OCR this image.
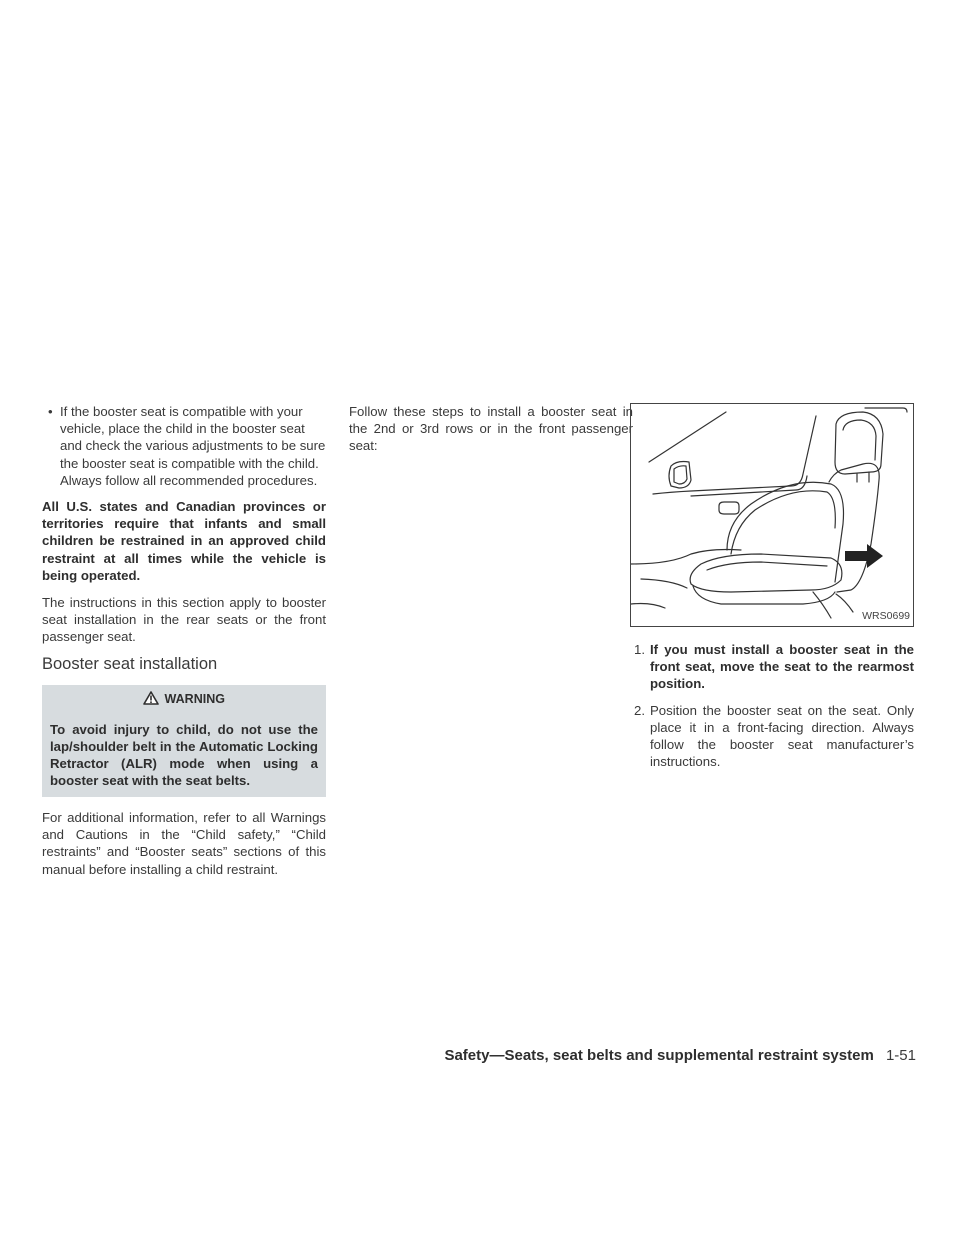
• If the booster seat is compatible with your vehicle, place the child in the booster seat and check the various adjustments to be sure the booster seat is compatible with the child. Always follow all recommended procedures.

All U.S. states and Canadian provinces or territories require that infants and small children be restrained in an approved child restraint at all times while the vehicle is being operated.

The instructions in this section apply to booster seat installation in the rear seats or the front passenger seat.

Booster seat installation
WARNING
To avoid injury to child, do not use the lap/shoulder belt in the Automatic Locking Retractor (ALR) mode when using a booster seat with the seat belts.

For additional information, refer to all Warnings and Cautions in the “Child safety,” “Child restraints” and “Booster seats” sections of this manual before installing a child restraint.

Follow these steps to install a booster seat in the 2nd or 3rd rows or in the front passenger seat:

WRS0699
1. If you must install a booster seat in the front seat, move the seat to the rearmost position.
2. Position the booster seat on the seat. Only place it in a front-facing direction. Always follow the booster seat manufacturer’s instructions.
Safety—Seats, seat belts and supplemental restraint system 1-51
